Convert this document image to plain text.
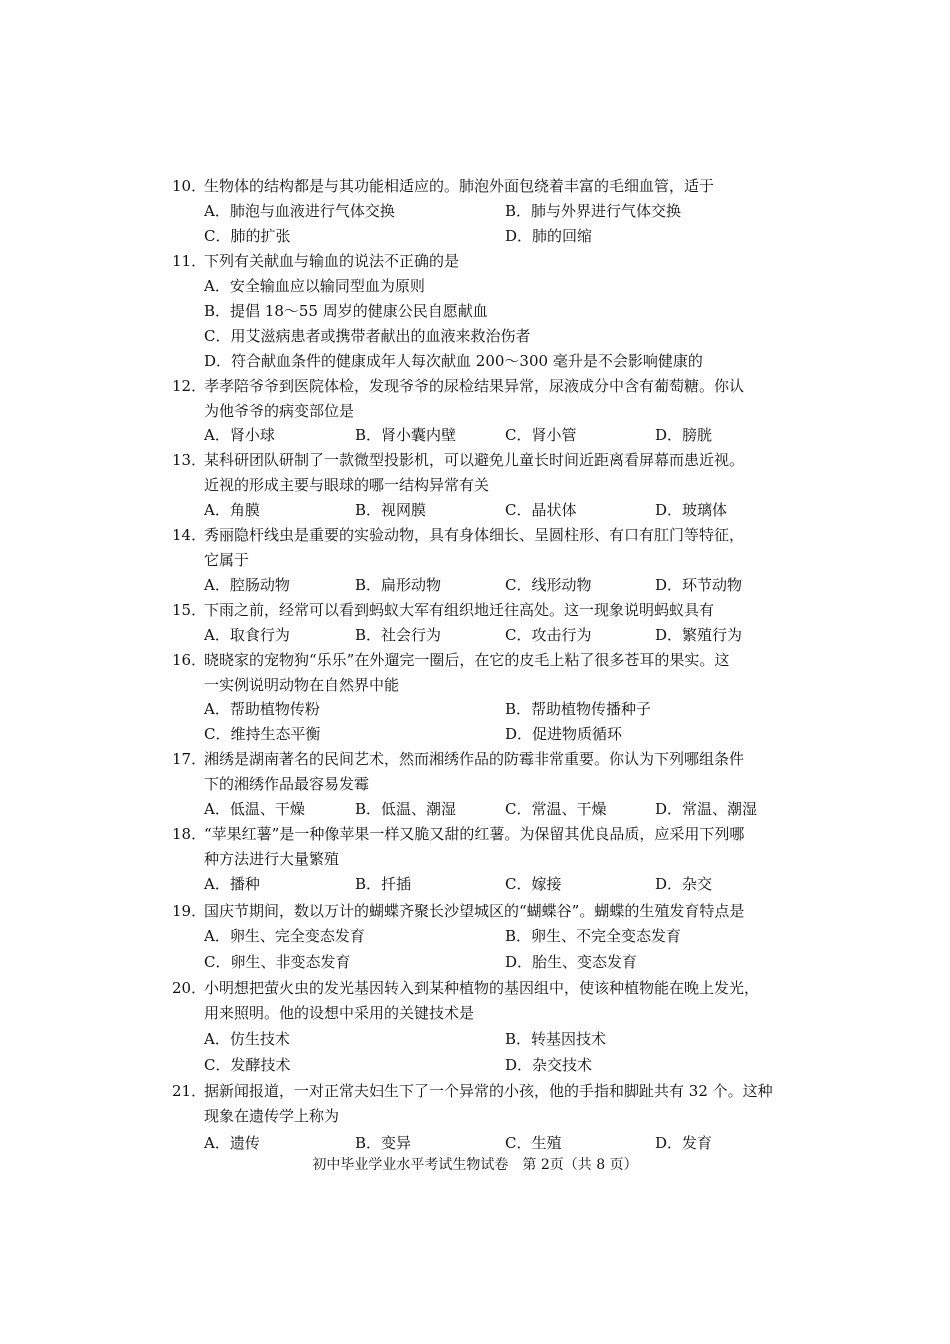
10．生物体的结构都是与其功能相适应的。肺泡外面包绕着丰富的毛细血管，适于
A．肺泡与血液进行气体交换	B．肺与外界进行气体交换
C．肺的扩张	D．肺的回缩
11．下列有关献血与输血的说法不正确的是
A．安全输血应以输同型血为原则
B．提倡 18～55 周岁的健康公民自愿献血
C．用艾滋病患者或携带者献出的血液来救治伤者
D．符合献血条件的健康成年人每次献血 200～300 毫升是不会影响健康的
12．孝孝陪爷爷到医院体检，发现爷爷的尿检结果异常，尿液成分中含有葡萄糖。你认
为他爷爷的病变部位是
A．肾小球	B．肾小囊内壁	C．肾小管	D．膀胱
13．某科研团队研制了一款微型投影机，可以避免儿童长时间近距离看屏幕而患近视。
近视的形成主要与眼球的哪一结构异常有关
A．角膜	B．视网膜	C．晶状体	D．玻璃体
14．秀丽隐杆线虫是重要的实验动物，具有身体细长、呈圆柱形、有口有肛门等特征，
它属于
A．腔肠动物	B．扁形动物	C．线形动物	D．环节动物
15．下雨之前，经常可以看到蚂蚁大军有组织地迁往高处。这一现象说明蚂蚁具有
A．取食行为	B．社会行为	C．攻击行为	D．繁殖行为
16．晓晓家的宠物狗“乐乐”在外遛完一圈后，在它的皮毛上粘了很多苍耳的果实。这
一实例说明动物在自然界中能
A．帮助植物传粉	B．帮助植物传播种子
C．维持生态平衡	D．促进物质循环
17．湘绣是湖南著名的民间艺术，然而湘绣作品的防霉非常重要。你认为下列哪组条件
下的湘绣作品最容易发霉
A．低温、干燥	B．低温、潮湿	C．常温、干燥	D．常温、潮湿
18．“苹果红薯”是一种像苹果一样又脆又甜的红薯。为保留其优良品质，应采用下列哪
种方法进行大量繁殖
A．播种	B．扦插	C．嫁接	D．杂交
19．国庆节期间，数以万计的蝴蝶齐聚长沙望城区的“蝴蝶谷”。蝴蝶的生殖发育特点是
A．卵生、完全变态发育	B．卵生、不完全变态发育
C．卵生、非变态发育	D．胎生、变态发育
20．小明想把萤火虫的发光基因转入到某种植物的基因组中，使该种植物能在晚上发光，
用来照明。他的设想中采用的关键技术是
A．仿生技术	B．转基因技术
C．发酵技术	D．杂交技术
21．据新闻报道，一对正常夫妇生下了一个异常的小孩，他的手指和脚趾共有 32 个。这种
现象在遗传学上称为
A．遗传	B．变异	C．生殖	D．发育
初中毕业学业水平考试生物试卷　第 2页（共 8 页）
